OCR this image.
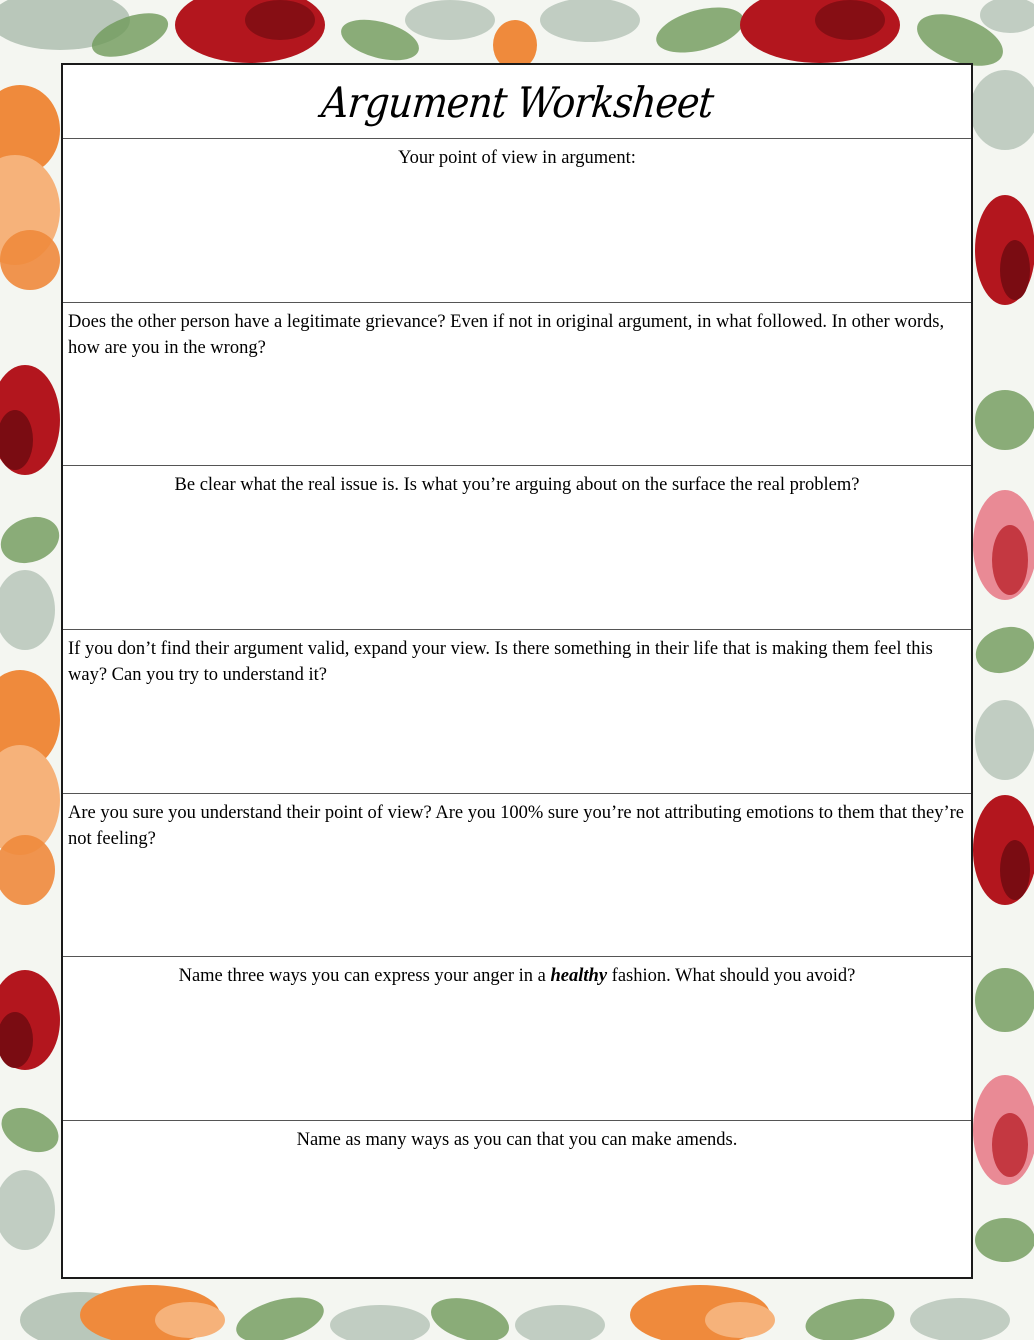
Argument Worksheet
Your point of view in argument:
Does the other person have a legitimate grievance? Even if not in original argument, in what followed. In other words, how are you in the wrong?
Be clear what the real issue is. Is what you’re arguing about on the surface the real problem?
If you don’t find their argument valid, expand your view. Is there something in their life that is making them feel this way? Can you try to understand it?
Are you sure you understand their point of view? Are you 100% sure you’re not attributing emotions to them that they’re not feeling?
Name three ways you can express your anger in a healthy fashion. What should you avoid?
Name as many ways as you can that you can make amends.
